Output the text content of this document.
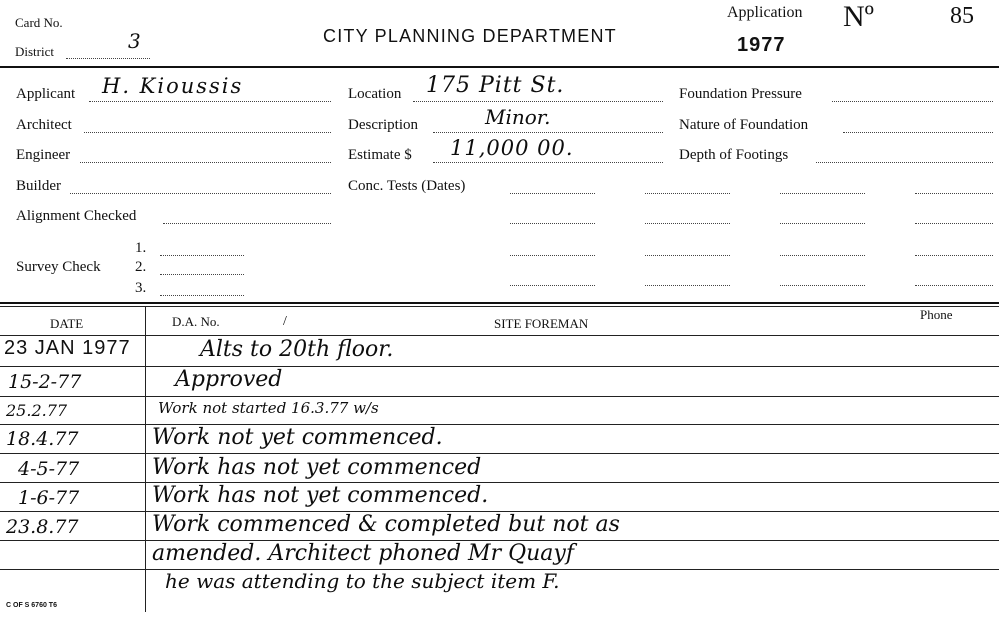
Card No.
District	3	CITY PLANNING DEPARTMENT
Application Nº	85
1977
Applicant H. Kioussis
Architect
Engineer
Builder
Alignment Checked
1.
Survey Check 2.
3.
Location 175 Pitt St.
Description	Minor.
Estimate $ 11,000 00.
Conc. Tests (Dates)
Foundation Pressure
Nature of Foundation
Depth of Footings
DATE	D.A. No.	/	SITE FOREMAN
Phone
23 JAN 1977	Alts to 20th floor.
15-2-77	Approved
25.2.77	Work not started 16.3.77 w/s
18.4.77	Work not yet commenced.
4-5-77	Work has not yet commenced
1-6-77	Work has not yet commenced.
23.8.77	Work commenced & completed but not as
amended. Architect phoned Mr Quayf
he was attending to the subject item F.
C OF S 6760 T6
